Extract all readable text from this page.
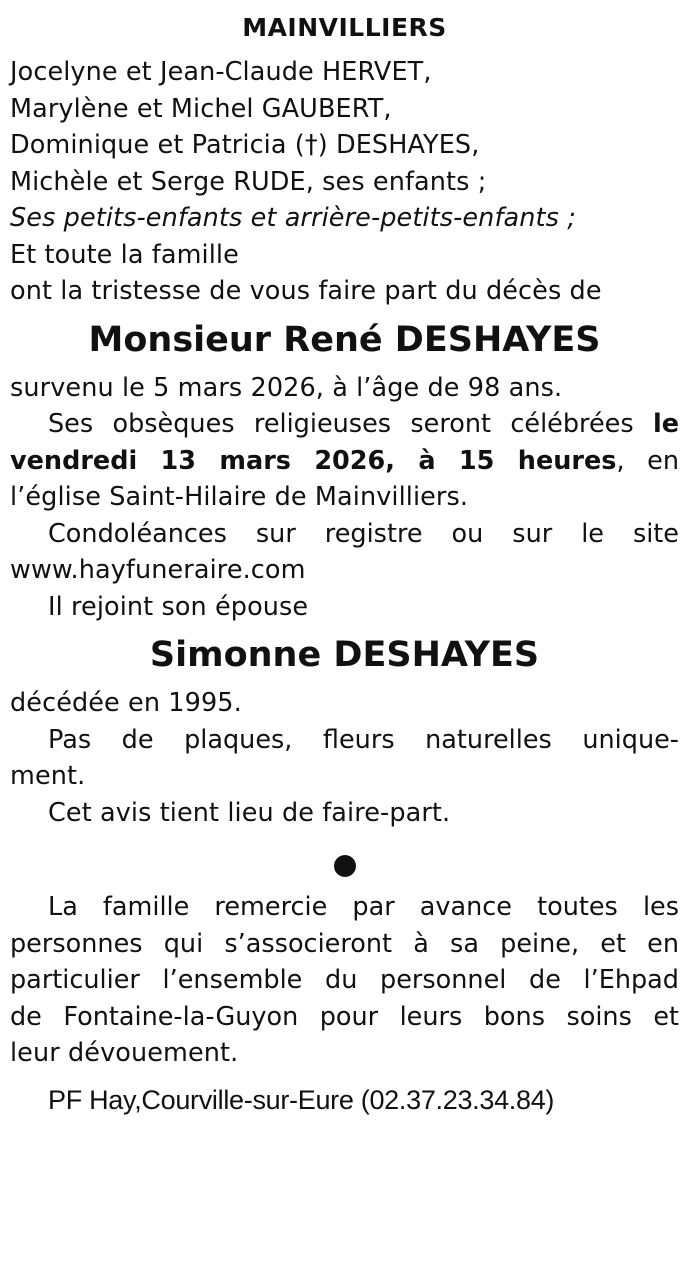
MAINVILLIERS
Jocelyne et Jean-Claude HERVET,
Marylène et Michel GAUBERT,
Dominique et Patricia (†) DESHAYES,
Michèle et Serge RUDE, ses enfants ;
Ses petits-enfants et arrière-petits-enfants ;
Et toute la famille
ont la tristesse de vous faire part du décès de
Monsieur René DESHAYES
survenu le 5 mars 2026, à l’âge de 98 ans.
Ses obsèques religieuses seront célébrées le
vendredi 13 mars 2026, à 15 heures, en
l’église Saint-Hilaire de Mainvilliers.
Condoléances sur registre ou sur le site
www.hayfuneraire.com
Il rejoint son épouse
Simonne DESHAYES
décédée en 1995.
Pas de plaques, fleurs naturelles unique-
ment.
Cet avis tient lieu de faire-part.
La famille remercie par avance toutes les
personnes qui s’associeront à sa peine, et en
particulier l’ensemble du personnel de l’Ehpad
de Fontaine-la-Guyon pour leurs bons soins et
leur dévouement.
PF Hay,Courville-sur-Eure (02.37.23.34.84)
